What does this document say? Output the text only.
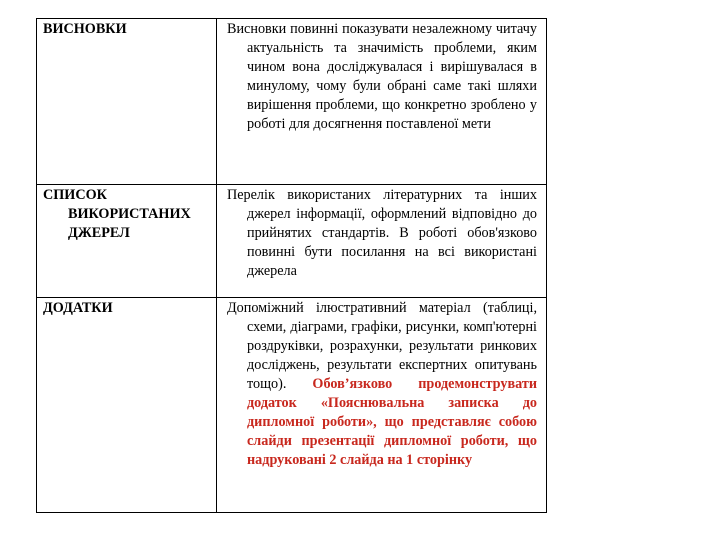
ВИСНОВКИ	Висновки повинні показувати незалежному читачу актуальність та значимість проблеми, яким чином вона досліджувалася і вирішувалася в минулому, чому були обрані саме такі шляхи вирішення проблеми, що конкретно зроблено у роботі для досягнення поставленої мети

СПИСОК
ВИКОРИСТАНИХ ДЖЕРЕЛ	Перелік використаних літературних та інших джерел інформації, оформлений відповідно до прийнятих стандартів. В роботі обов'язково повинні бути посилання на всі використані джерела

ДОДАТКИ	Допоміжний ілюстративний матеріал (таблиці, схеми, діаграми, графіки, рисунки, комп'ютерні роздруківки, розрахунки, результати ринкових досліджень, результати експертних опитувань тощо). Обов’язково продемонструвати додаток «Пояснювальна записка до дипломної роботи», що представляє собою слайди презентації дипломної роботи, що надруковані 2 слайда на 1 сторінку
